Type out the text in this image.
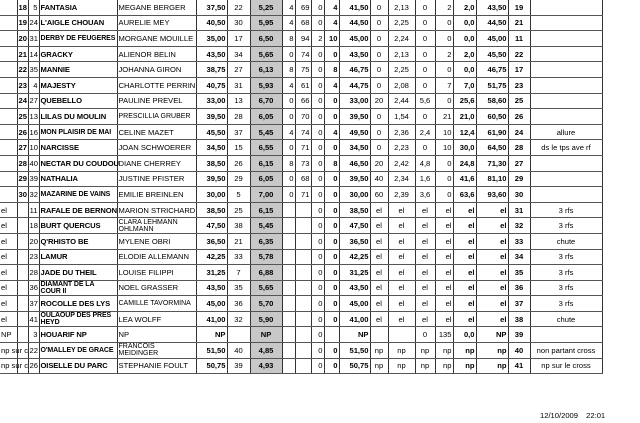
	18	5	FANTASIA	MEGANE BERGER	37,50	22	5,25	4	69	0	4	41,50	0	2,13	0	2	2,0	43,50	19	
	19	24	L'AIGLE CHOUAN	AURELIE MEY	40,50	30	5,95	4	68	0	4	44,50	0	2,25	0	0	0,0	44,50	21	
	20	31	DERBY DE FEUGERES	MORGANE MOUILLE	35,00	17	6,50	8	94	2	10	45,00	0	2,24	0	0	0,0	45,00	11	
	21	14	GRACKY	ALIENOR BELIN	43,50	34	5,65	0	74	0	0	43,50	0	2,13	0	2	2,0	45,50	22	
	22	35	MANNIE	JOHANNA GIRON	38,75	27	6,13	8	75	0	8	46,75	0	2,25	0	0	0,0	46,75	17	
	23	4	MAJESTY	CHARLOTTE PERRIN	40,75	31	5,93	4	61	0	4	44,75	0	2,08	0	7	7,0	51,75	23	
	24	27	QUEBELLO	PAULINE PREVEL	33,00	13	6,70	0	66	0	0	33,00	20	2,44	5,6	0	25,6	58,60	25	
	25	13	LILAS DU MOULIN	PRESCILLIA GRUBER	39,50	28	6,05	0	70	0	0	39,50	0	1,54	0	21	21,0	60,50	26	
	26	16	MON PLAISIR DE MAI	CELINE MAZET	45,50	37	5,45	4	74	0	4	49,50	0	2,36	2,4	10	12,4	61,90	24	allure
	27	10	NARCISSE	JOAN SCHWOERER	34,50	15	6,55	0	71	0	0	34,50	0	2,23	0	10	30,0	64,50	28	ds le tps ave rf
	28	40	NECTAR DU COUDOU	DIANE CHERREY	38,50	26	6,15	8	73	0	8	46,50	20	2,42	4,8	0	24,8	71,30	27	
	29	39	NATHALIA	JUSTINE PFISTER	39,50	29	6,05	0	68	0	0	39,50	40	2,34	1,6	0	41,6	81,10	29	
	30	32	MAZARINE DE VAINS	EMILIE BREINLEN	30,00	5	7,00	0	71	0	0	30,00	60	2,39	3,6	0	63,6	93,60	30	
el		11	RAFALE DE BERNON	MARION STRICHARD	38,50	25	6,15			0	0	38,50	el	el	el	el	el	el	31	3 rfs
el		18	BURT QUERCUS	CLARA LEHMANN OHLMANN	47,50	38	5,45			0	0	47,50	el	el	el	el	el	el	32	3 rfs
el		20	Q'RHISTO BE	MYLENE OBRI	36,50	21	6,35			0	0	36,50	el	el	el	el	el	el	33	chute
el		23	LAMUR	ELODIE ALLEMANN	42,25	33	5,78			0	0	42,25	el	el	el	el	el	el	34	3 rfs
el		28	JADE DU THEIL	LOUISE FILIPPI	31,25	7	6,88			0	0	31,25	el	el	el	el	el	el	35	3 rfs
el		36	DIAMANT DE LA COUR II	NOEL GRASSER	43,50	35	5,65			0	0	43,50	el	el	el	el	el	el	36	3 rfs
el		37	ROCOLLE DES LYS	CAMILLE TAVORMINA	45,00	36	5,70			0	0	45,00	el	el	el	el	el	el	37	3 rfs
el		41	OULAOUP DES PRES HEYD	LEA WOLFF	41,00	32	5,90			0	0	41,00	el	el	el	el	el	el	38	chute
NP		3	HOUARIF NP	NP	NP		NP			0		NP			0	135	0,0	NP	39	
np sur c		22	O'MALLEY DE GRACE	FRANCOIS MEIDINGER	51,50	40	4,85			0	0	51,50	np	np	np	np	np	np	40	non partant cross
np sur c		26	OISELLE DU PARC	STEPHANIE FOULT	50,75	39	4,93			0	0	50,75	np	np	np	np	np	np	41	np sur le cross
12/10/2009 22:01
